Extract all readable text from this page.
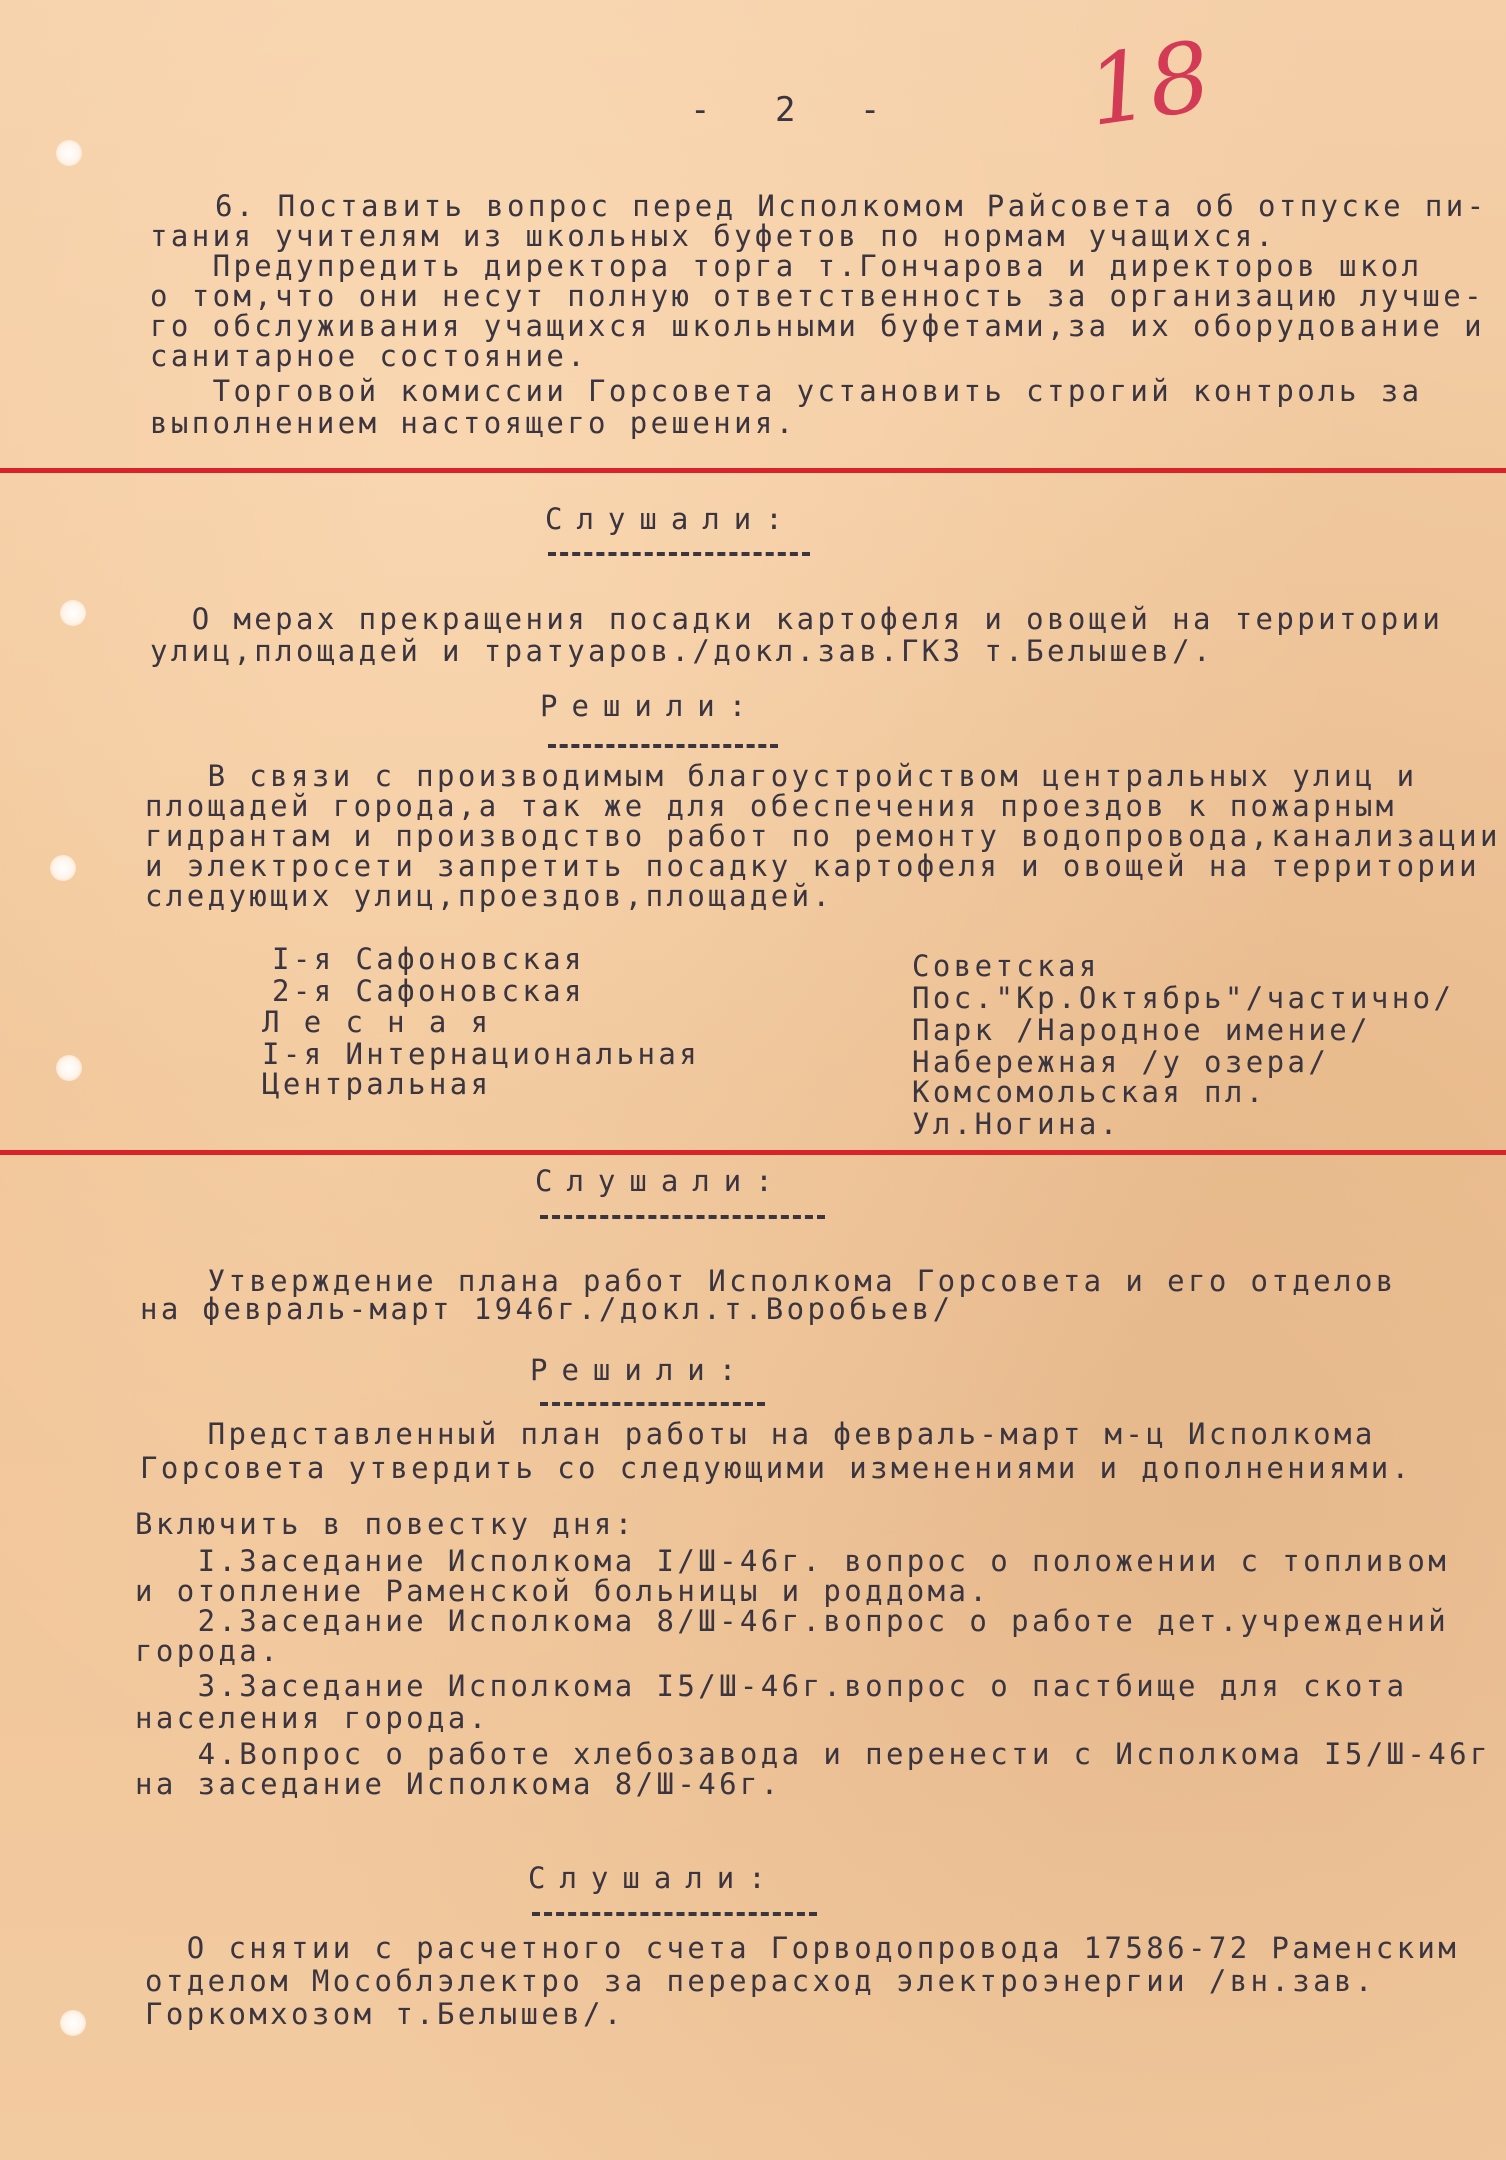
- 2 - 18
6. Поставить вопрос перед Исполкомом Райсовета об отпуске пи-
тания учителям из школьных буфетов по нормам учащихся.
Предупредить директора торга т.Гончарова и директоров школ
о том,что они несут полную ответственность за организацию лучше-
го обслуживания учащихся школьными буфетами,за их оборудование и
санитарное состояние.
Торговой комиссии Горсовета установить строгий контроль за
выполнением настоящего решения.
Слушали:
О мерах прекращения посадки картофеля и овощей на территории
улиц,площадей и тратуаров./докл.зав.ГКЗ т.Белышев/.
Решили:
В связи с производимым благоустройством центральных улиц и
площадей города,а так же для обеспечения проездов к пожарным
гидрантам и производство работ по ремонту водопровода,канализации
и электросети запретить посадку картофеля и овощей на территории
следующих улиц,проездов,площадей.
I-я Сафоновская
2-я Сафоновская
Л е с н а я
I-я Интернациональная
Центральная
Советская
Пос."Кр.Октябрь"/частично/
Парк /Народное имение/
Набережная /у озера/
Комсомольская пл.
Ул.Ногина.
Слушали:
Утверждение плана работ Исполкома Горсовета и его отделов
на февраль-март 1946г./докл.т.Воробьев/
Решили:
Представленный план работы на февраль-март м-ц Исполкома
Горсовета утвердить со следующими изменениями и дополнениями.
Включить в повестку дня:
I.Заседание Исполкома I/Ш-46г. вопрос о положении с топливом
и отопление Раменской больницы и роддома.
2.Заседание Исполкома 8/Ш-46г.вопрос о работе дет.учреждений
города.
3.Заседание Исполкома I5/Ш-46г.вопрос о пастбище для скота
населения города.
4.Вопрос о работе хлебозавода и перенести с Исполкома I5/Ш-46г
на заседание Исполкома 8/Ш-46г.
Слушали:
О снятии с расчетного счета Горводопровода 17586-72 Раменским
отделом Мособлэлектро за перерасход электроэнергии /вн.зав.
Горкомхозом т.Белышев/.
